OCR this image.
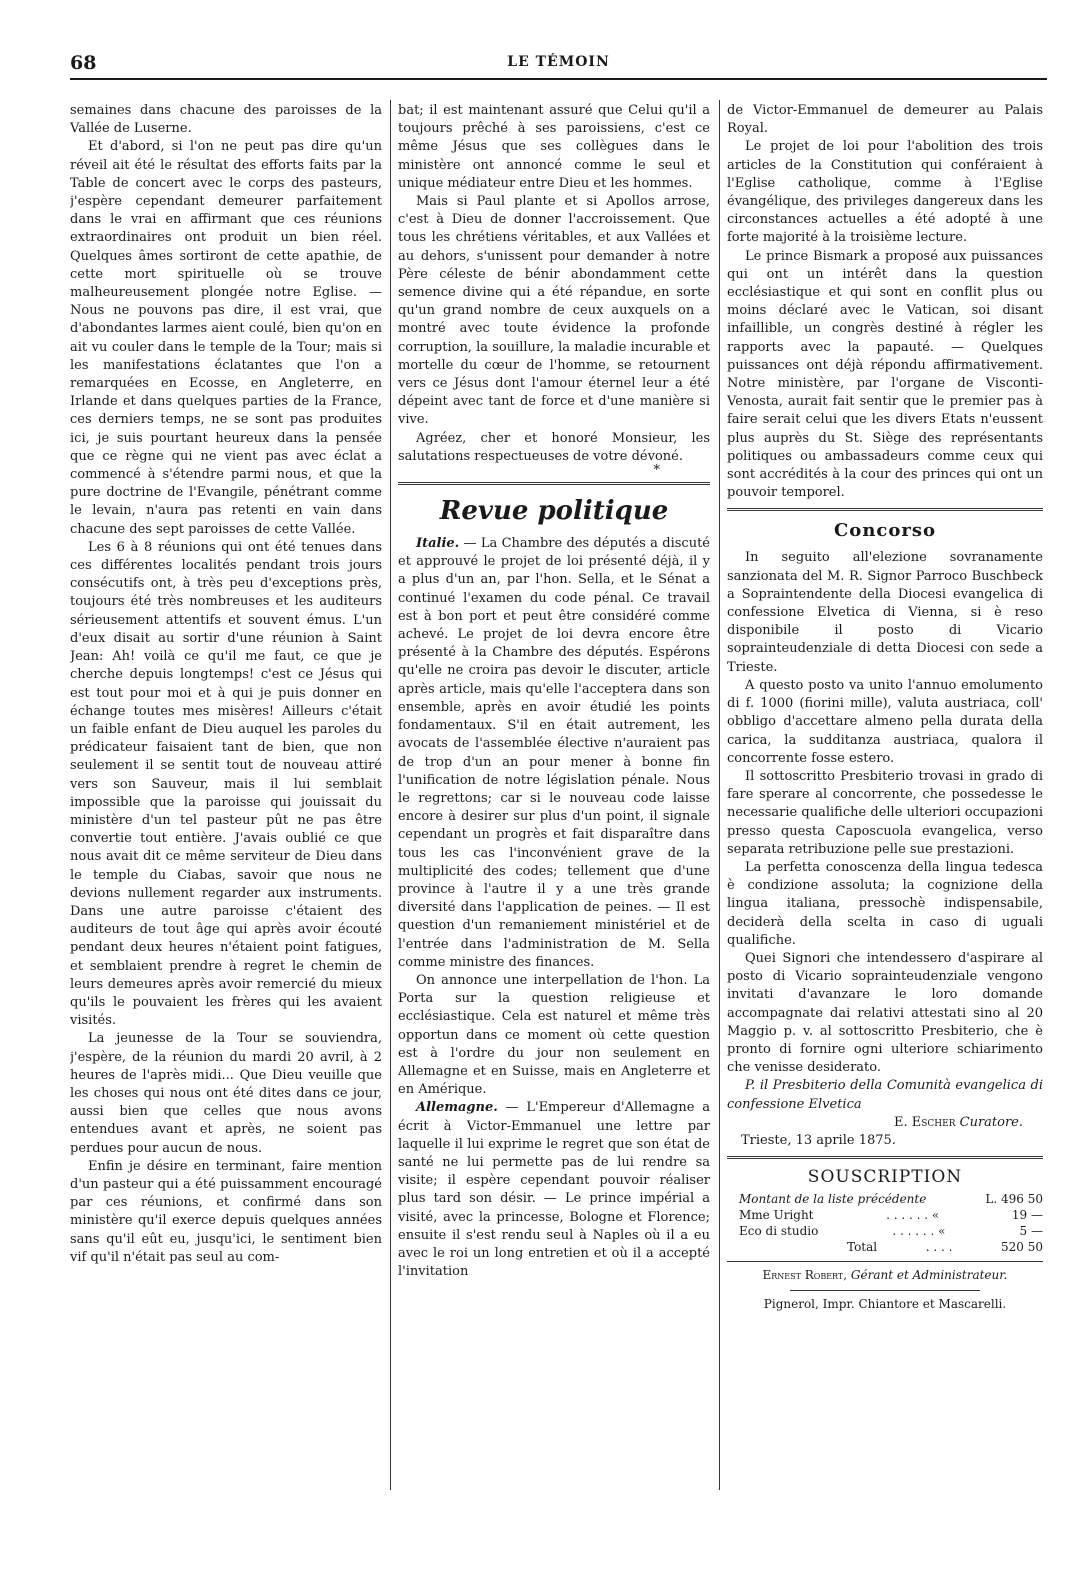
68	LE TÉMOIN

semaines dans chacune des paroisses de la Vallée de Luserne.

Et d'abord, si l'on ne peut pas dire qu'un réveil ait été le résultat des efforts faits par la Table de concert avec le corps des pasteurs, j'espère cependant demeurer parfaitement dans le vrai en affirmant que ces réunions extraordinaires ont produit un bien réel. Quelques âmes sortiront de cette apathie, de cette mort spirituelle où se trouve malheureusement plongée notre Eglise. — Nous ne pouvons pas dire, il est vrai, que d'abondantes larmes aient coulé, bien qu'on en ait vu couler dans le temple de la Tour; mais si les manifestations éclatantes que l'on a remarquées en Ecosse, en Angleterre, en Irlande et dans quelques parties de la France, ces derniers temps, ne se sont pas produites ici, je suis pourtant heureux dans la pensée que ce règne qui ne vient pas avec éclat a commencé à s'étendre parmi nous, et que la pure doctrine de l'Evangile, pénétrant comme le levain, n'aura pas retenti en vain dans chacune des sept paroisses de cette Vallée.

Les 6 à 8 réunions qui ont été tenues dans ces différentes localités pendant trois jours consécutifs ont, à très peu d'exceptions près, toujours été très nombreuses et les auditeurs sérieusement attentifs et souvent émus. L'un d'eux disait au sortir d'une réunion à Saint Jean: Ah! voilà ce qu'il me faut, ce que je cherche depuis longtemps! c'est ce Jésus qui est tout pour moi et à qui je puis donner en échange toutes mes misères! Ailleurs c'était un faible enfant de Dieu auquel les paroles du prédicateur faisaient tant de bien, que non seulement il se sentit tout de nouveau attiré vers son Sauveur, mais il lui semblait impossible que la paroisse qui jouissait du ministère d'un tel pasteur pût ne pas être convertie tout entière. J'avais oublié ce que nous avait dit ce même serviteur de Dieu dans le temple du Ciabas, savoir que nous ne devions nullement regarder aux instruments. Dans une autre paroisse c'étaient des auditeurs de tout âge qui après avoir écouté pendant deux heures n'étaient point fatigues, et semblaient prendre à regret le chemin de leurs demeures après avoir remercié du mieux qu'ils le pouvaient les frères qui les avaient visités.

La jeunesse de la Tour se souviendra, j'espère, de la réunion du mardi 20 avril, à 2 heures de l'après midi... Que Dieu veuille que les choses qui nous ont été dites dans ce jour, aussi bien que celles que nous avons entendues avant et après, ne soient pas perdues pour aucun de nous.

Enfin je désire en terminant, faire mention d'un pasteur qui a été puissamment encouragé par ces réunions, et confirmé dans son ministère qu'il exerce depuis quelques années sans qu'il eût eu, jusqu'ici, le sentiment bien vif qu'il n'était pas seul au com-

bat; il est maintenant assuré que Celui qu'il a toujours prêché à ses paroissiens, c'est ce même Jésus que ses collègues dans le ministère ont annoncé comme le seul et unique médiateur entre Dieu et les hommes.

Mais si Paul plante et si Apollos arrose, c'est à Dieu de donner l'accroissement. Que tous les chrétiens véritables, et aux Vallées et au dehors, s'unissent pour demander à notre Père céleste de bénir abondamment cette semence divine qui a été répandue, en sorte qu'un grand nombre de ceux auxquels on a montré avec toute évidence la profonde corruption, la souillure, la maladie incurable et mortelle du cœur de l'homme, se retournent vers ce Jésus dont l'amour éternel leur a été dépeint avec tant de force et d'une manière si vive.

Agréez, cher et honoré Monsieur, les salutations respectueuses de votre dévoné.

*
Revue politique

Italie. — La Chambre des députés a discuté et approuvé le projet de loi présenté déjà, il y a plus d'un an, par l'hon. Sella, et le Sénat a continué l'examen du code pénal. Ce travail est à bon port et peut être considéré comme achevé. Le projet de loi devra encore être présenté à la Chambre des députés. Espérons qu'elle ne croira pas devoir le discuter, article après article, mais qu'elle l'acceptera dans son ensemble, après en avoir étudié les points fondamentaux. S'il en était autrement, les avocats de l'assemblée élective n'auraient pas de trop d'un an pour mener à bonne fin l'unification de notre législation pénale. Nous le regrettons; car si le nouveau code laisse encore à desirer sur plus d'un point, il signale cependant un progrès et fait disparaître dans tous les cas l'inconvénient grave de la multiplicité des codes; tellement que d'une province à l'autre il y a une très grande diversité dans l'application de peines. — Il est question d'un remaniement ministériel et de l'entrée dans l'administration de M. Sella comme ministre des finances.

On annonce une interpellation de l'hon. La Porta sur la question religieuse et ecclésiastique. Cela est naturel et même très opportun dans ce moment où cette question est à l'ordre du jour non seulement en Allemagne et en Suisse, mais en Angleterre et en Amérique.

Allemagne. — L'Empereur d'Allemagne a écrit à Victor-Emmanuel une lettre par laquelle il lui exprime le regret que son état de santé ne lui permette pas de lui rendre sa visite; il espère cependant pouvoir réaliser plus tard son désir. — Le prince impérial a visité, avec la princesse, Bologne et Florence; ensuite il s'est rendu seul à Naples où il a eu avec le roi un long entretien et où il a accepté l'invitation

de Victor-Emmanuel de demeurer au Palais Royal.

Le projet de loi pour l'abolition des trois articles de la Constitution qui conféraient à l'Eglise catholique, comme à l'Eglise évangélique, des privileges dangereux dans les circonstances actuelles a été adopté à une forte majorité à la troisième lecture.

Le prince Bismark a proposé aux puissances qui ont un intérêt dans la question ecclésiastique et qui sont en conflit plus ou moins déclaré avec le Vatican, soi disant infaillible, un congrès destiné à régler les rapports avec la papauté. — Quelques puissances ont déjà répondu affirmativement. Notre ministère, par l'organe de Visconti-Venosta, aurait fait sentir que le premier pas à faire serait celui que les divers Etats n'eussent plus auprès du St. Siège des représentants politiques ou ambassadeurs comme ceux qui sont accrédités à la cour des princes qui ont un pouvoir temporel.

Concorso

In seguito all'elezione sovranamente sanzionata del M. R. Signor Parroco Buschbeck a Sopraintendente della Diocesi evangelica di confessione Elvetica di Vienna, si è reso disponibile il posto di Vicario soprainteudenziale di detta Diocesi con sede a Trieste.

A questo posto va unito l'annuo emolumento di f. 1000 (fiorini mille), valuta austriaca, coll' obbligo d'accettare almeno pella durata della carica, la sudditanza austriaca, qualora il concorrente fosse estero.

Il sottoscritto Presbiterio trovasi in grado di fare sperare al concorrente, che possedesse le necessarie qualifiche delle ulteriori occupazioni presso questa Caposcuola evangelica, verso separata retribuzione pelle sue prestazioni.

La perfetta conoscenza della lingua tedesca è condizione assoluta; la cognizione della lingua italiana, pressochè indispensabile, deciderà della scelta in caso di uguali qualifiche.

Quei Signori che intendessero d'aspirare al posto di Vicario soprainteudenziale vengono invitati d'avanzare le loro domande accompagnate dai relativi attestati sino al 20 Maggio p. v. al sottoscritto Presbiterio, che è pronto di fornire ogni ulteriore schiarimento che venisse desiderato.

P. il Presbiterio della Comunità evangelica di confessione Elvetica

E. Escher Curatore.
Trieste, 13 aprile 1875.
SOUSCRIPTION
Montant de la liste précédente	L. 496 50
Mme Uright	. . . . . . «	19 —
Eco di studio	. . . . . . «	5 —
Total	. . . .	520 50
Ernest Robert, Gérant et Administrateur.
Pignerol, Impr. Chiantore et Mascarelli.
